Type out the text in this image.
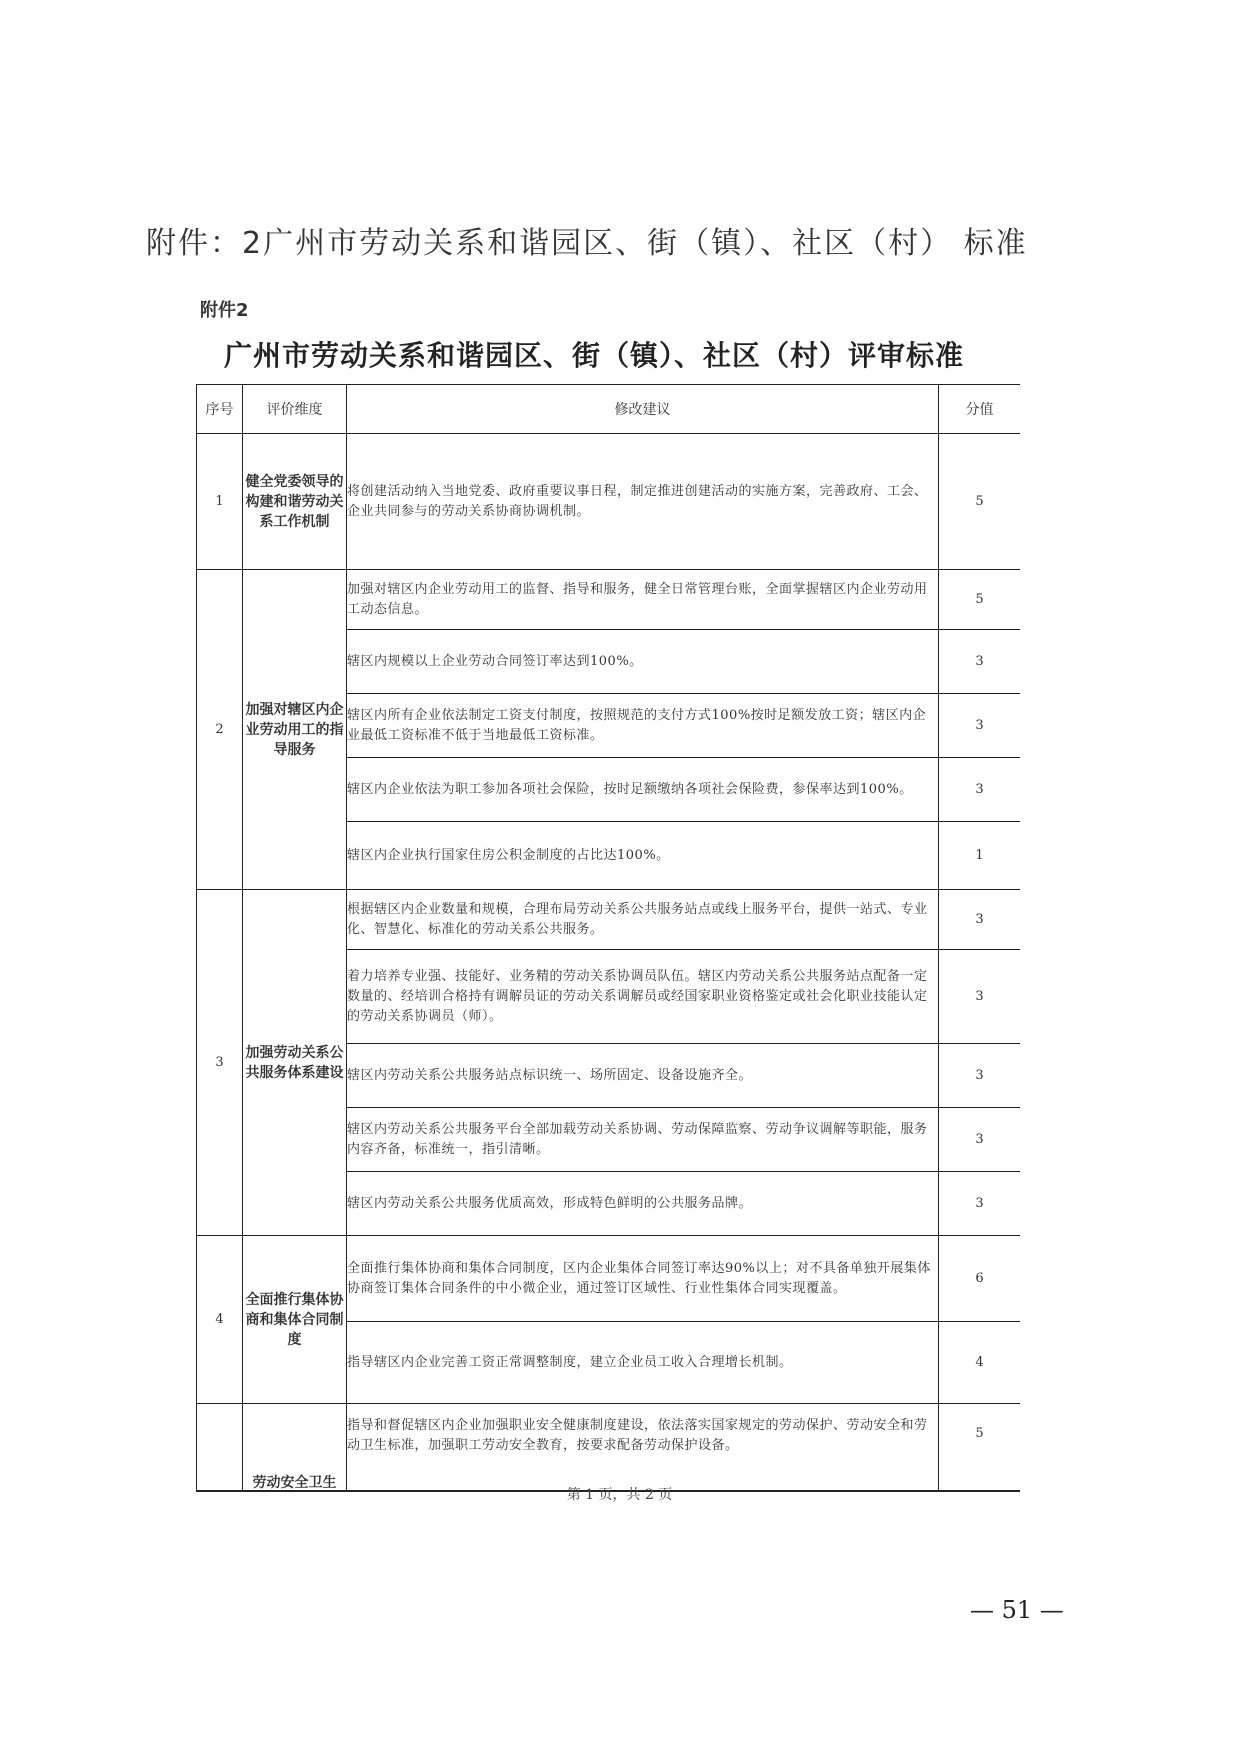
附件：2广州市劳动关系和谐园区、街（镇）、社区（村） 标准
附件2
广州市劳动关系和谐园区、街（镇）、社区（村）评审标准
序号	评价维度	修改建议	分值
1	健全党委领导的构建和谐劳动关系工作机制	将创建活动纳入当地党委、政府重要议事日程，制定推进创建活动的实施方案，完善政府、工会、企业共同参与的劳动关系协商协调机制。	5
2	加强对辖区内企业劳动用工的指导服务	加强对辖区内企业劳动用工的监督、指导和服务，健全日常管理台账，全面掌握辖区内企业劳动用工动态信息。	5
		辖区内规模以上企业劳动合同签订率达到100%。	3
		辖区内所有企业依法制定工资支付制度，按照规范的支付方式100%按时足额发放工资；辖区内企业最低工资标准不低于当地最低工资标准。	3
		辖区内企业依法为职工参加各项社会保险，按时足额缴纳各项社会保险费，参保率达到100%。	3
		辖区内企业执行国家住房公积金制度的占比达100%。	1
3	加强劳动关系公共服务体系建设	根据辖区内企业数量和规模，合理布局劳动关系公共服务站点或线上服务平台，提供一站式、专业化、智慧化、标准化的劳动关系公共服务。	3
		着力培养专业强、技能好、业务精的劳动关系协调员队伍。辖区内劳动关系公共服务站点配备一定数量的、经培训合格持有调解员证的劳动关系调解员或经国家职业资格鉴定或社会化职业技能认定的劳动关系协调员（师）。	3
		辖区内劳动关系公共服务站点标识统一、场所固定、设备设施齐全。	3
		辖区内劳动关系公共服务平台全部加载劳动关系协调、劳动保障监察、劳动争议调解等职能，服务内容齐备，标准统一，指引清晰。	3
		辖区内劳动关系公共服务优质高效，形成特色鲜明的公共服务品牌。	3
4	全面推行集体协商和集体合同制度	全面推行集体协商和集体合同制度，区内企业集体合同签订率达90%以上；对不具备单独开展集体协商签订集体合同条件的中小微企业，通过签订区域性、行业性集体合同实现覆盖。	6
		指导辖区内企业完善工资正常调整制度，建立企业员工收入合理增长机制。	4
	劳动安全卫生	指导和督促辖区内企业加强职业安全健康制度建设，依法落实国家规定的劳动保护、劳动安全和劳动卫生标准，加强职工劳动安全教育，按要求配备劳动保护设备。	5
第 1 页，共 2 页
— 51 —
